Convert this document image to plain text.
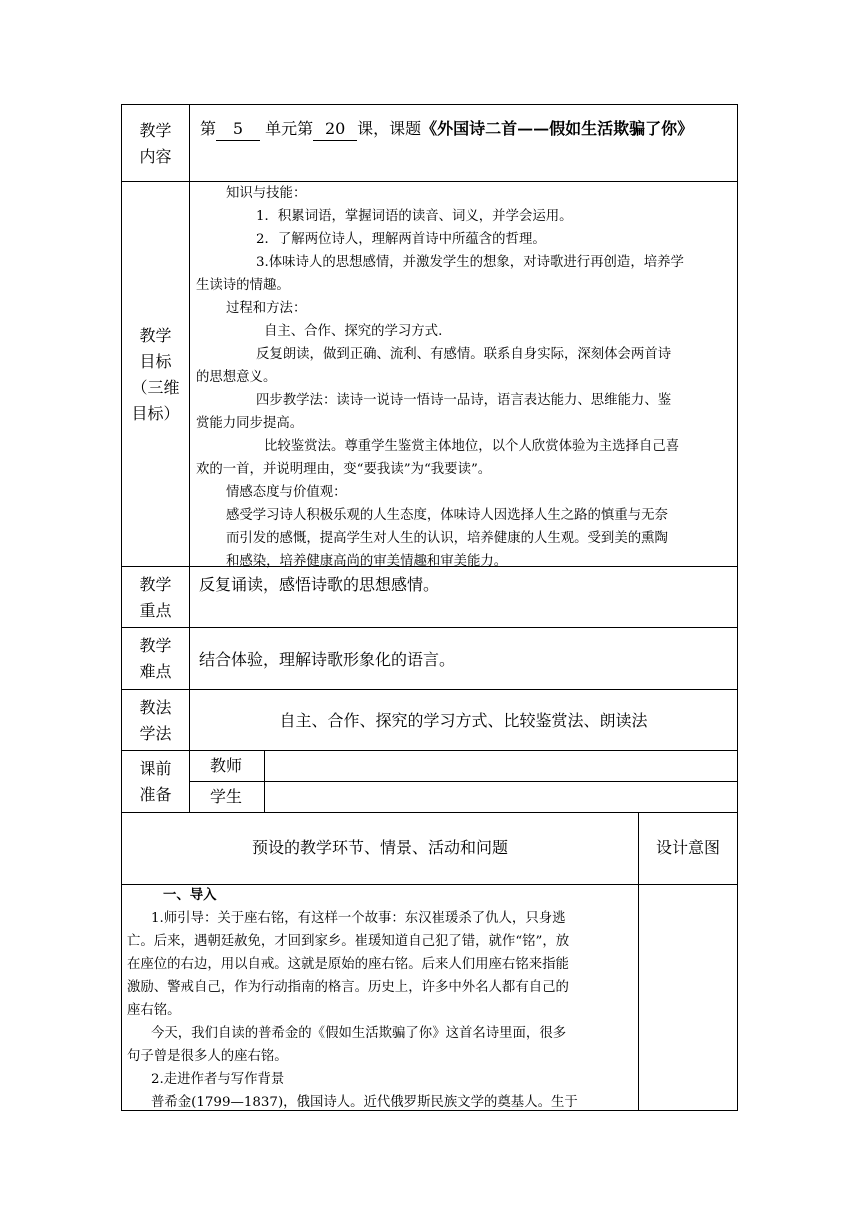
教学
内容
第 5 单元第 20 课，课题《外国诗二首——假如生活欺骗了你》
教学
目标
（三维
目标）
知识与技能：
1．积累词语，掌握词语的读音、词义，并学会运用。
2．了解两位诗人，理解两首诗中所蕴含的哲理。
3.体味诗人的思想感情，并激发学生的想象，对诗歌进行再创造，培养学
生读诗的情趣。
过程和方法：
自主、合作、探究的学习方式.
反复朗读，做到正确、流利、有感情。联系自身实际，深刻体会两首诗
的思想意义。
四步教学法：读诗一说诗一悟诗一品诗，语言表达能力、思维能力、鉴
赏能力同步提高。
比较鉴赏法。尊重学生鉴赏主体地位，以个人欣赏体验为主选择自己喜
欢的一首，并说明理由，变“要我读”为“我要读”。
情感态度与价值观：
感受学习诗人积极乐观的人生态度，体味诗人因选择人生之路的慎重与无奈
而引发的感慨，提高学生对人生的认识，培养健康的人生观。受到美的熏陶
和感染，培养健康高尚的审美情趣和审美能力。
教学
重点
反复诵读，感悟诗歌的思想感情。
教学
难点
结合体验，理解诗歌形象化的语言。
教法
学法
自主、合作、探究的学习方式、比较鉴赏法、朗读法
课前
准备
教师
学生
预设的教学环节、情景、活动和问题	设计意图
一、导入
1.师引导：关于座右铭，有这样一个故事：东汉崔瑗杀了仇人，只身逃
亡。后来，遇朝廷赦免，才回到家乡。崔瑗知道自己犯了错，就作“铭”，放
在座位的右边，用以自戒。这就是原始的座右铭。后来人们用座右铭来指能
激励、警戒自己，作为行动指南的格言。历史上，许多中外名人都有自己的
座右铭。
今天，我们自读的普希金的《假如生活欺骗了你》这首名诗里面，很多
句子曾是很多人的座右铭。
2.走进作者与写作背景
普希金(1799—1837)，俄国诗人。近代俄罗斯民族文学的奠基人。生于
